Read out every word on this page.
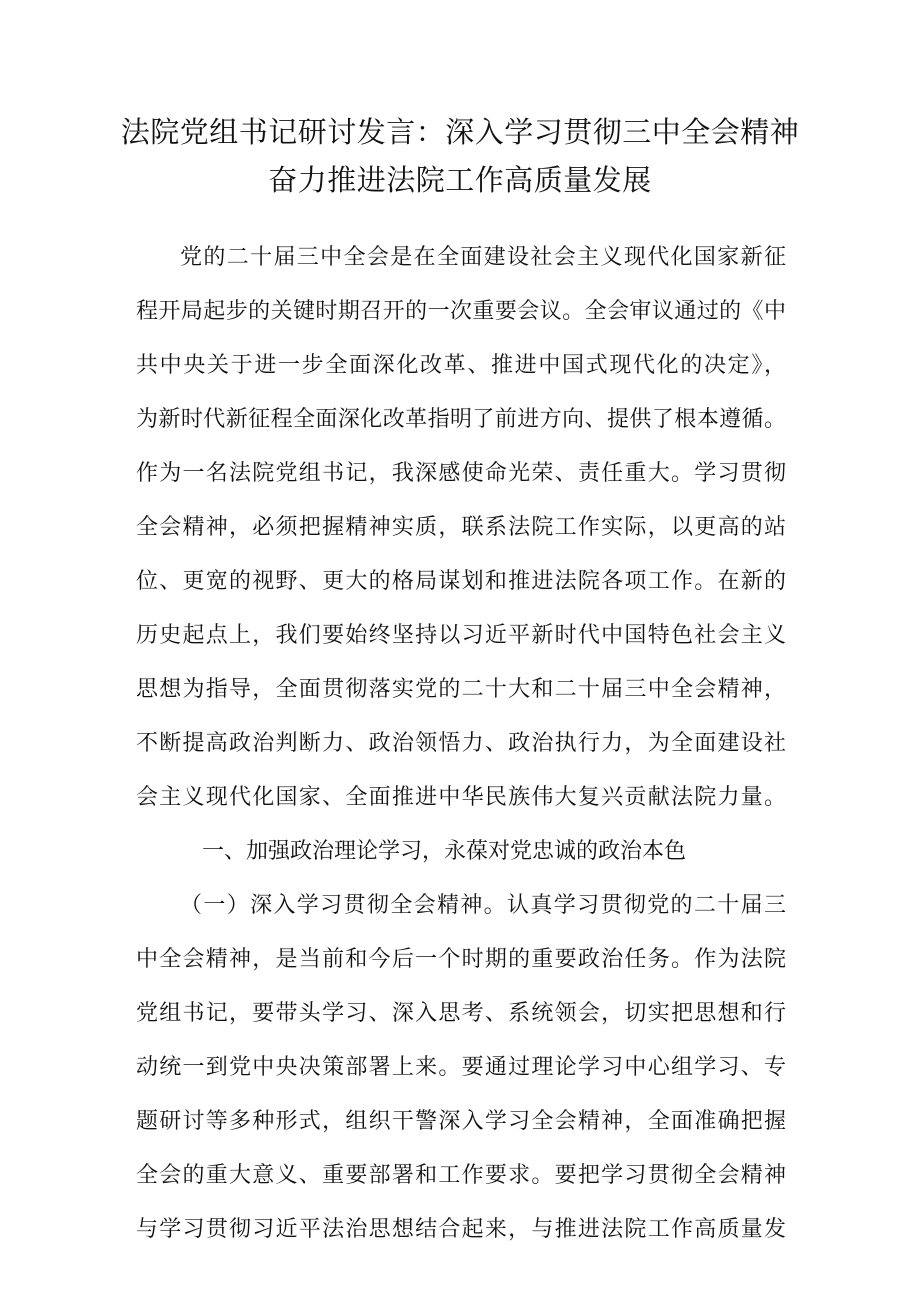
法院党组书记研讨发言：深入学习贯彻三中全会精神
奋力推进法院工作高质量发展
党的二十届三中全会是在全面建设社会主义现代化国家新征
程开局起步的关键时期召开的一次重要会议。全会审议通过的《中
共中央关于进一步全面深化改革、推进中国式现代化的决定》，
为新时代新征程全面深化改革指明了前进方向、提供了根本遵循。
作为一名法院党组书记，我深感使命光荣、责任重大。学习贯彻
全会精神，必须把握精神实质，联系法院工作实际，以更高的站
位、更宽的视野、更大的格局谋划和推进法院各项工作。在新的
历史起点上，我们要始终坚持以习近平新时代中国特色社会主义
思想为指导，全面贯彻落实党的二十大和二十届三中全会精神，
不断提高政治判断力、政治领悟力、政治执行力，为全面建设社
会主义现代化国家、全面推进中华民族伟大复兴贡献法院力量。
一、加强政治理论学习，永葆对党忠诚的政治本色
（一）深入学习贯彻全会精神。认真学习贯彻党的二十届三
中全会精神，是当前和今后一个时期的重要政治任务。作为法院
党组书记，要带头学习、深入思考、系统领会，切实把思想和行
动统一到党中央决策部署上来。要通过理论学习中心组学习、专
题研讨等多种形式，组织干警深入学习全会精神，全面准确把握
全会的重大意义、重要部署和工作要求。要把学习贯彻全会精神
与学习贯彻习近平法治思想结合起来，与推进法院工作高质量发
